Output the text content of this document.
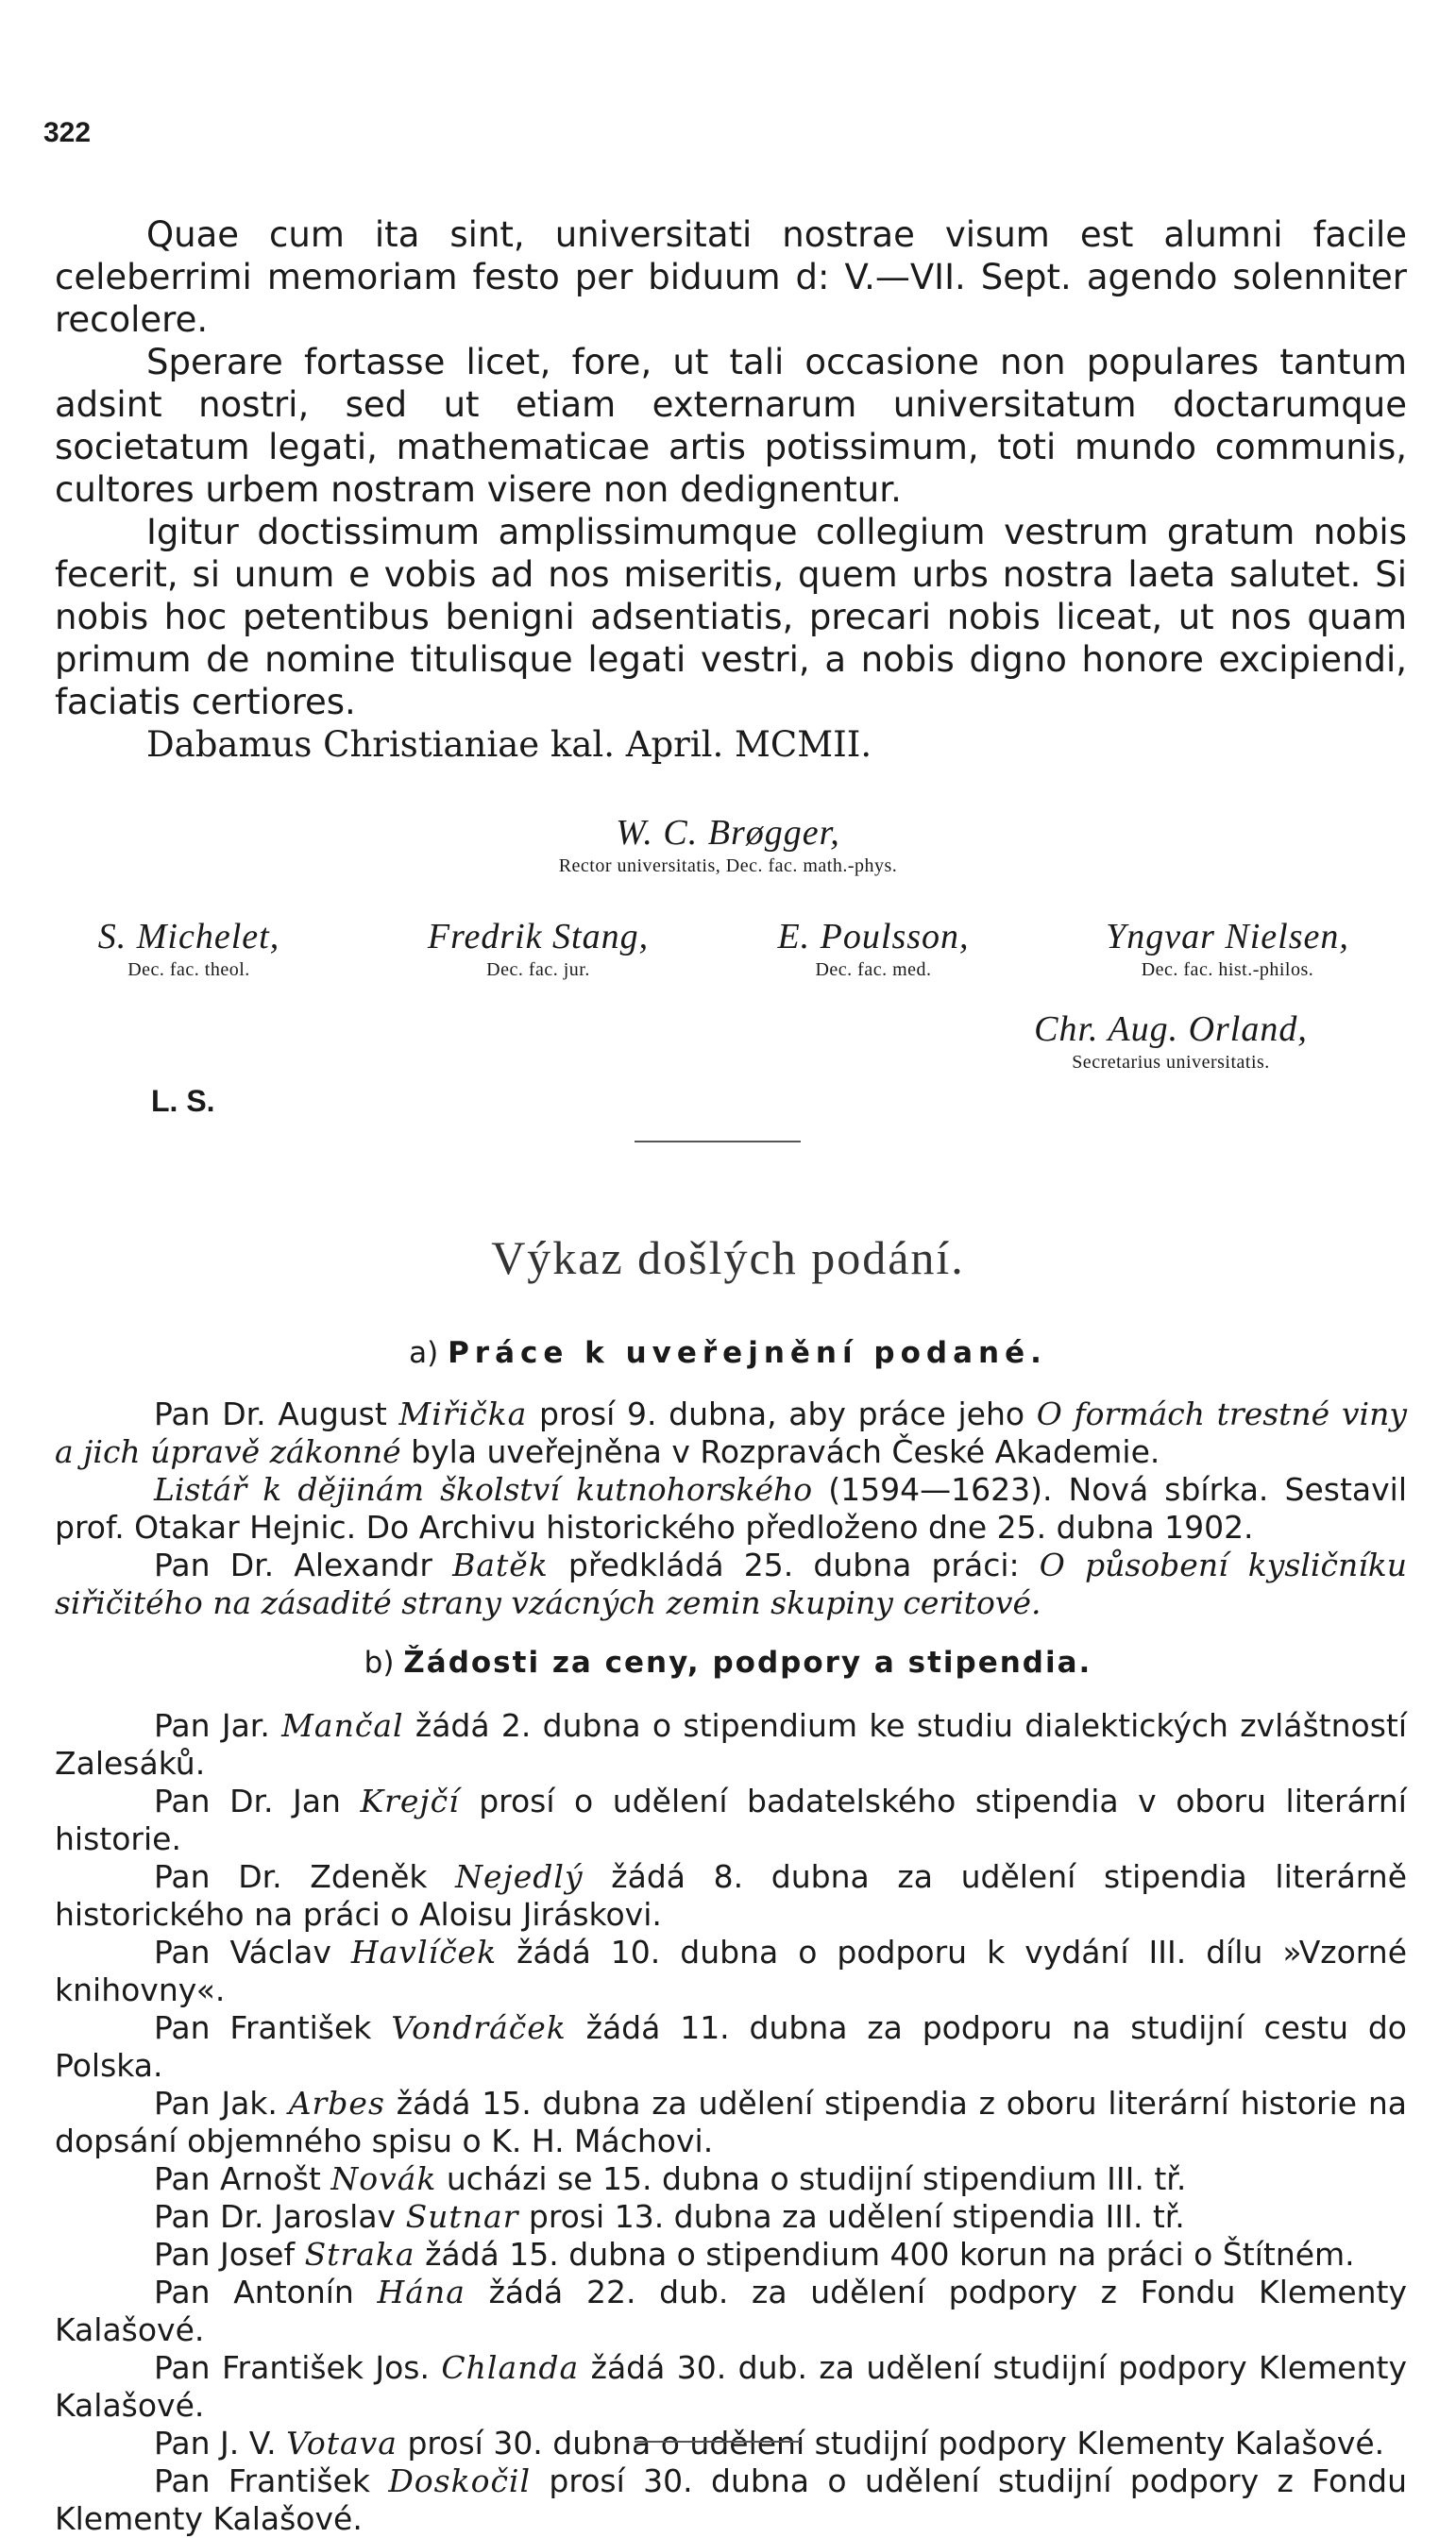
322

Quae cum ita sint, universitati nostrae visum est alumni facile celeberrimi memoriam festo per biduum d: V.—VII. Sept. agendo solenniter recolere.

Sperare fortasse licet, fore, ut tali occasione non populares tantum adsint nostri, sed ut etiam externarum universitatum doctarumque societatum legati, mathematicae artis potissimum, toti mundo communis, cultores urbem nostram visere non dedignentur.

Igitur doctissimum amplissimumque collegium vestrum gratum nobis fecerit, si unum e vobis ad nos miseritis, quem urbs nostra laeta salutet. Si nobis hoc petentibus benigni adsentiatis, precari nobis liceat, ut nos quam primum de nomine titulisque legati vestri, a nobis digno honore excipiendi, faciatis certiores.

Dabamus Christianiae kal. April. MCMII.

W. C. Brøgger,
Rector universitatis, Dec. fac. math.-phys.
S. Michelet,
Dec. fac. theol.
Fredrik Stang,
Dec. fac. jur.
E. Poulsson,
Dec. fac. med.
Yngvar Nielsen,
Dec. fac. hist.-philos.
Chr. Aug. Orland,
Secretarius universitatis.
L. S.
Výkaz došlých podání.
a) Práce k uveřejnění podané.

Pan Dr. August Miřička prosí 9. dubna, aby práce jeho O formách trestné viny a jich úpravě zákonné byla uveřejněna v Rozpravách České Akademie.

Listář k dějinám školství kutnohorského (1594—1623). Nová sbírka. Sestavil prof. Otakar Hejnic. Do Archivu historického předloženo dne 25. dubna 1902.

Pan Dr. Alexandr Batěk předkládá 25. dubna práci: O působení kysličníku siřičitého na zásadité strany vzácných zemin skupiny ceritové.

b) Žádosti za ceny, podpory a stipendia.

Pan Jar. Mančal žádá 2. dubna o stipendium ke studiu dialektických zvláštností Zalesáků.

Pan Dr. Jan Krejčí prosí o udělení badatelského stipendia v oboru literární historie.

Pan Dr. Zdeněk Nejedlý žádá 8. dubna za udělení stipendia literárně historického na práci o Aloisu Jiráskovi.

Pan Václav Havlíček žádá 10. dubna o podporu k vydání III. dílu »Vzorné knihovny«.

Pan František Vondráček žádá 11. dubna za podporu na studijní cestu do Polska.

Pan Jak. Arbes žádá 15. dubna za udělení stipendia z oboru literární historie na dopsání objemného spisu o K. H. Máchovi.

Pan Arnošt Novák ucházi se 15. dubna o studijní stipendium III. tř.

Pan Dr. Jaroslav Sutnar prosi 13. dubna za udělení stipendia III. tř.

Pan Josef Straka žádá 15. dubna o stipendium 400 korun na práci o Štítném.

Pan Antonín Hána žádá 22. dub. za udělení podpory z Fondu Klementy Kalašové.

Pan František Jos. Chlanda žádá 30. dub. za udělení studijní podpory Klementy Kalašové.

Pan J. V. Votava prosí 30. dubna o udělení studijní podpory Klementy Kalašové.

Pan František Doskočil prosí 30. dubna o udělení studijní podpory z Fondu Klementy Kalašové.
